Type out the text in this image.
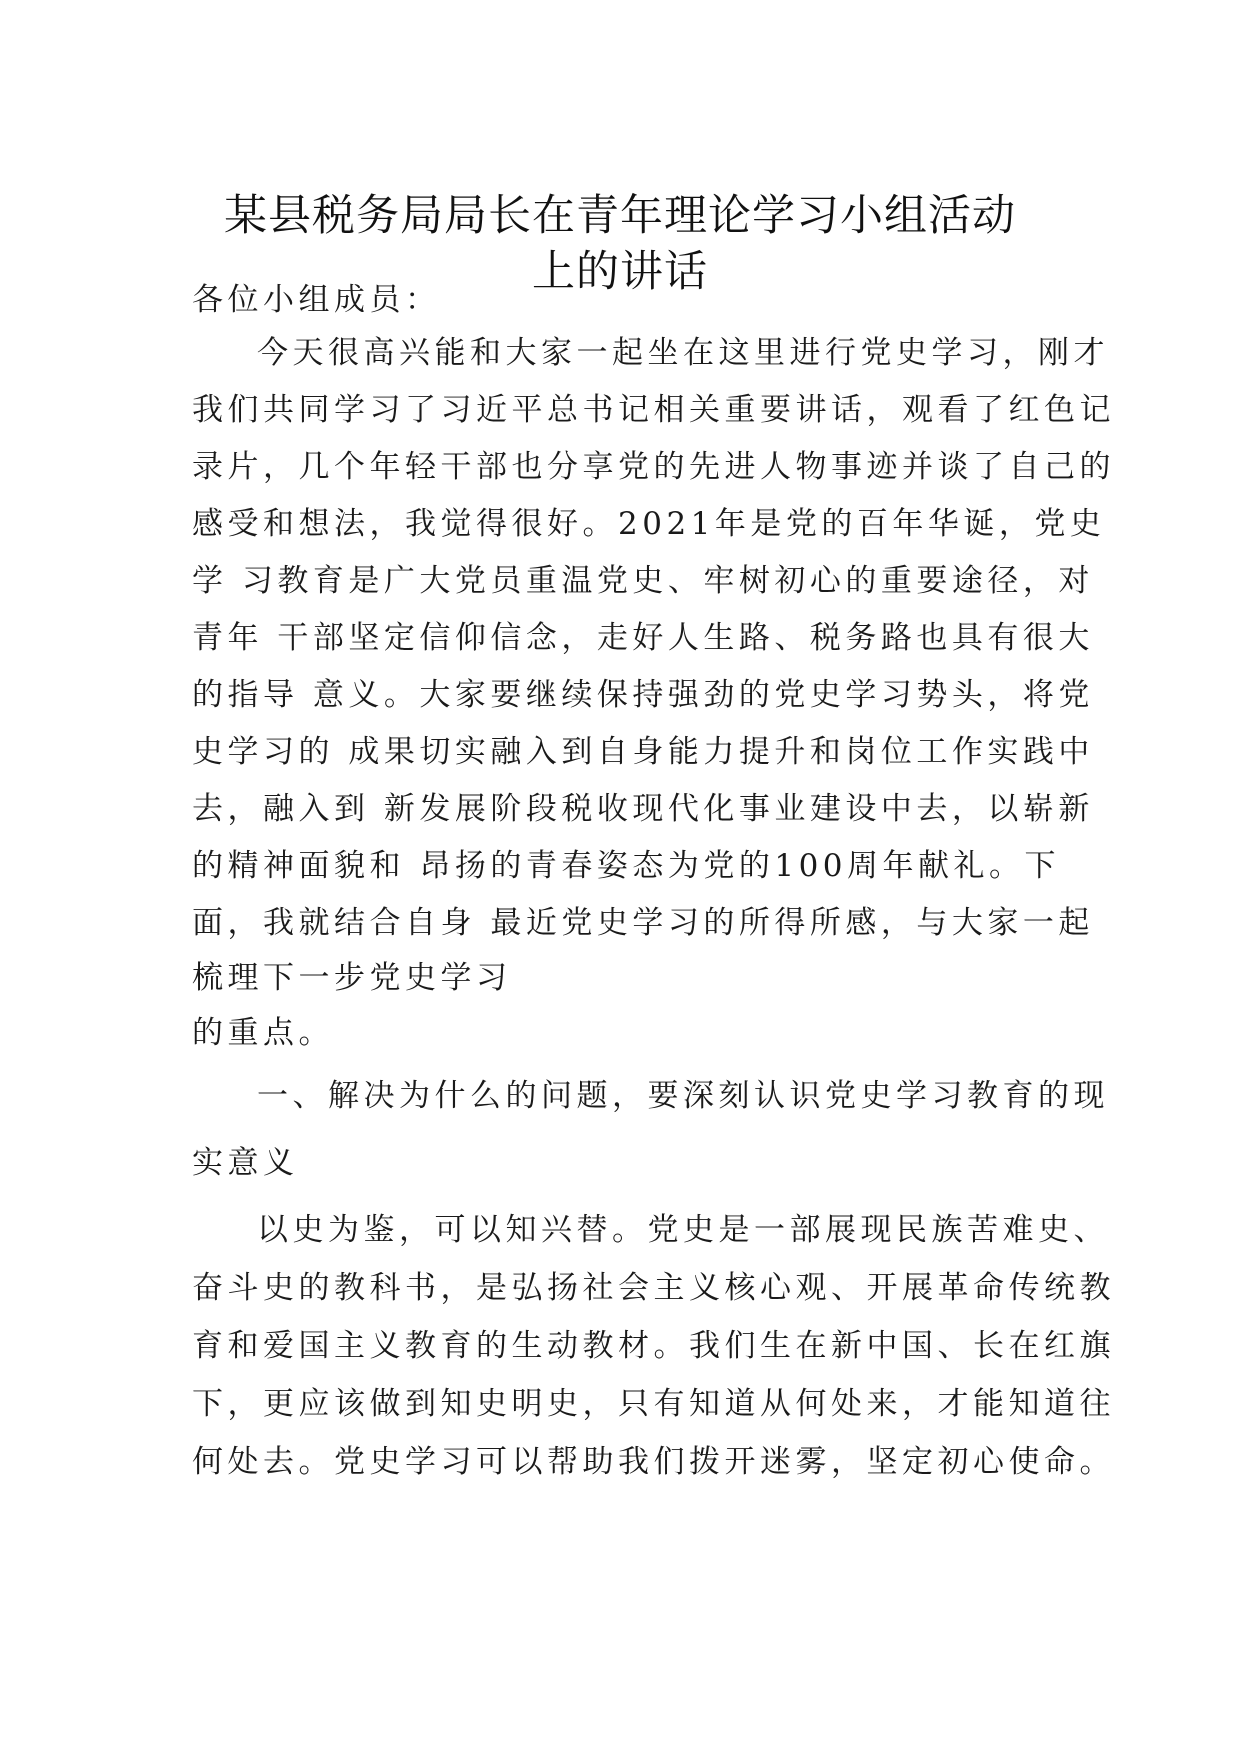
某县税务局局长在青年理论学习小组活动
上的讲话
各位小组成员：
今天很高兴能和大家一起坐在这里进行党史学习，刚才
我们共同学习了习近平总书记相关重要讲话，观看了红色记
录片，几个年轻干部也分享党的先进人物事迹并谈了自己的
感受和想法，我觉得很好。2021年是党的百年华诞，党史
学 习教育是广大党员重温党史、牢树初心的重要途径，对
青年 干部坚定信仰信念，走好人生路、税务路也具有很大
的指导 意义。大家要继续保持强劲的党史学习势头，将党
史学习的 成果切实融入到自身能力提升和岗位工作实践中
去，融入到 新发展阶段税收现代化事业建设中去，以崭新
的精神面貌和 昂扬的青春姿态为党的100周年献礼。下
面，我就结合自身 最近党史学习的所得所感，与大家一起
梳理下一步党史学习
的重点。
一、解决为什么的问题，要深刻认识党史学习教育的现
实意义
以史为鉴，可以知兴替。党史是一部展现民族苦难史、
奋斗史的教科书，是弘扬社会主义核心观、开展革命传统教
育和爱国主义教育的生动教材。我们生在新中国、长在红旗
下，更应该做到知史明史，只有知道从何处来，才能知道往
何处去。党史学习可以帮助我们拨开迷雾，坚定初心使命。
